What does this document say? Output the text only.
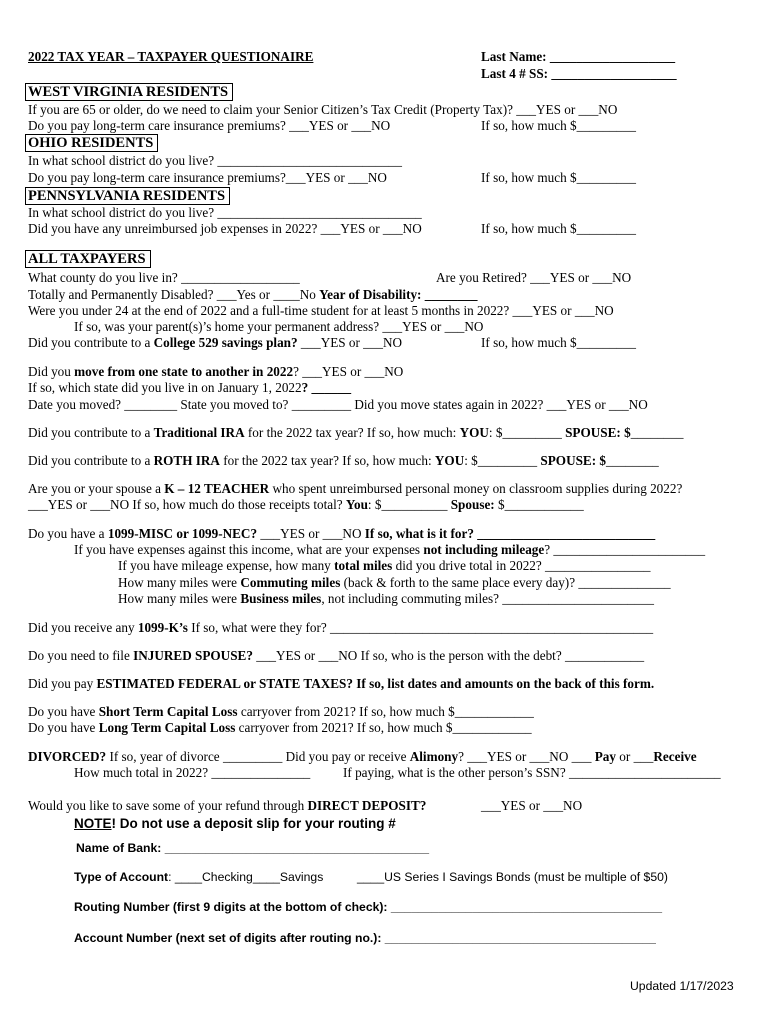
2022 TAX YEAR – TAXPAYER QUESTIONAIRE	Last Name: ___________________
Last 4 # SS: ___________________
WEST VIRGINIA RESIDENTS
If you are 65 or older, do we need to claim your Senior Citizen’s Tax Credit (Property Tax)? ___YES or ___NO
Do you pay long-term care insurance premiums? ___YES or ___NO	If so, how much $_________
OHIO RESIDENTS
In what school district do you live? ____________________________
Do you pay long-term care insurance premiums?___YES or ___NO	If so, how much $_________
PENNSYLVANIA RESIDENTS
In what school district do you live? _______________________________
Did you have any unreimbursed job expenses in 2022? ___YES or ___NO	If so, how much $_________
ALL TAXPAYERS
What county do you live in? __________________	Are you Retired? ___YES or ___NO
Totally and Permanently Disabled? ___Yes or ____No Year of Disability: ________
Were you under 24 at the end of 2022 and a full-time student for at least 5 months in 2022? ___YES or ___NO
If so, was your parent(s)’s home your permanent address? ___YES or ___NO
Did you contribute to a College 529 savings plan? ___YES or ___NO	If so, how much $_________
Did you move from one state to another in 2022? ___YES or ___NO
If so, which state did you live in on January 1, 2022? ______
Date you moved? ________ State you moved to? _________ Did you move states again in 2022? ___YES or ___NO
Did you contribute to a Traditional IRA for the 2022 tax year? If so, how much: YOU: $_________ SPOUSE: $________
Did you contribute to a ROTH IRA for the 2022 tax year? If so, how much: YOU: $_________ SPOUSE: $________
Are you or your spouse a K – 12 TEACHER who spent unreimbursed personal money on classroom supplies during 2022?
___YES or ___NO If so, how much do those receipts total? You: $__________ Spouse: $____________
Do you have a 1099-MISC or 1099-NEC? ___YES or ___NO If so, what is it for? ___________________________
If you have expenses against this income, what are your expenses not including mileage? _______________________
If you have mileage expense, how many total miles did you drive total in 2022? ________________
How many miles were Commuting miles (back & forth to the same place every day)? ______________
How many miles were Business miles, not including commuting miles? _______________________
Did you receive any 1099-K’s If so, what were they for? _________________________________________________
Do you need to file INJURED SPOUSE? ___YES or ___NO If so, who is the person with the debt? ____________
Did you pay ESTIMATED FEDERAL or STATE TAXES? If so, list dates and amounts on the back of this form.
Do you have Short Term Capital Loss carryover from 2021? If so, how much $____________
Do you have Long Term Capital Loss carryover from 2021? If so, how much $____________
DIVORCED? If so, year of divorce _________ Did you pay or receive Alimony? ___YES or ___NO ___ Pay or ___Receive
How much total in 2022? _______________ If paying, what is the other person’s SSN? _______________________
Would you like to save some of your refund through DIRECT DEPOSIT?	___YES or ___NO
NOTE! Do not use a deposit slip for your routing #
Name of Bank: _______________________________________
Type of Account: ____Checking____Savings	____US Series I Savings Bonds (must be multiple of $50)
Routing Number (first 9 digits at the bottom of check): ________________________________________
Account Number (next set of digits after routing no.): ________________________________________
Updated 1/17/2023
